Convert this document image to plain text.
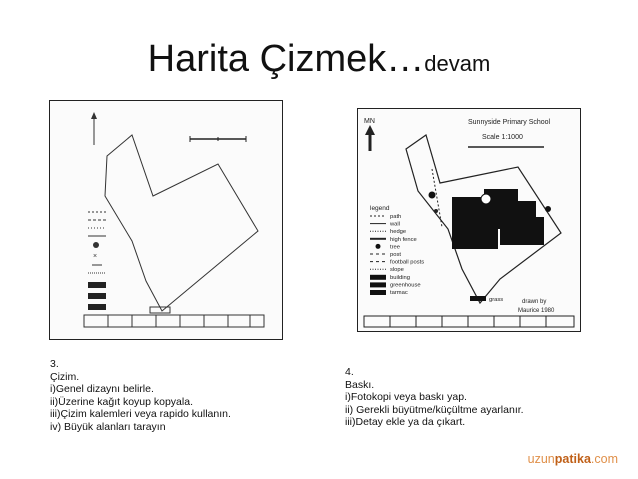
Harita Çizmek…devam
×
MN	Sunnyside Primary School
Scale 1:1000
legend
path
wall
hedge
high fence
tree
post
football posts
slope
building
greenhouse
tarmac
grass	drawn by
Maurice 1980
3.
Çizim.
i)Genel dizaynı belirle.
ii)Üzerine kağıt koyup kopyala.
iii)Çizim kalemleri veya rapido kullanın.
iv) Büyük alanları tarayın
4.
Baskı.
i)Fotokopi veya baskı yap.
ii) Gerekli büyütme/küçültme ayarlanır.
iii)Detay ekle ya da çıkart.
uzunpatika.com
